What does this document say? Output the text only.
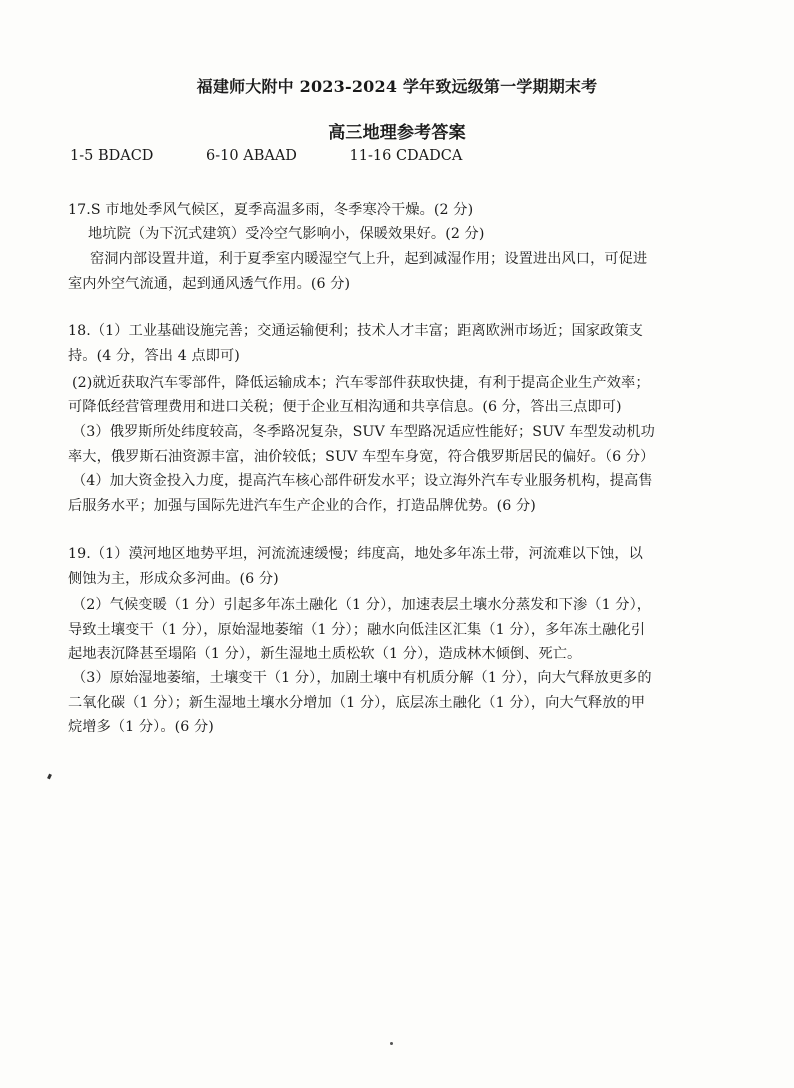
福建师大附中 2023-2024 学年致远级第一学期期末考
高三地理参考答案
1-5 BDACD	6-10 ABAAD	11-16 CDADCA
17.S 市地处季风气候区，夏季高温多雨，冬季寒冷干燥。(2 分)
地坑院（为下沉式建筑）受冷空气影响小，保暖效果好。(2 分)
窑洞内部设置井道，利于夏季室内暖湿空气上升，起到减湿作用；设置进出风口，可促进
室内外空气流通，起到通风透气作用。(6 分)
18.（1）工业基础设施完善；交通运输便利；技术人才丰富；距离欧洲市场近；国家政策支
持。(4 分，答出 4 点即可)
(2)就近获取汽车零部件，降低运输成本；汽车零部件获取快捷，有利于提高企业生产效率；
可降低经营管理费用和进口关税；便于企业互相沟通和共享信息。(6 分，答出三点即可)
（3）俄罗斯所处纬度较高，冬季路况复杂，SUV 车型路况适应性能好；SUV 车型发动机功
率大，俄罗斯石油资源丰富，油价较低；SUV 车型车身宽，符合俄罗斯居民的偏好。（6 分）
（4）加大资金投入力度，提高汽车核心部件研发水平；设立海外汽车专业服务机构，提高售
后服务水平；加强与国际先进汽车生产企业的合作，打造品牌优势。(6 分)
19.（1）漠河地区地势平坦，河流流速缓慢；纬度高，地处多年冻土带，河流难以下蚀，以
侧蚀为主，形成众多河曲。(6 分)
（2）气候变暖（1 分）引起多年冻土融化（1 分），加速表层土壤水分蒸发和下渗（1 分），
导致土壤变干（1 分），原始湿地萎缩（1 分）；融水向低洼区汇集（1 分），多年冻土融化引
起地表沉降甚至塌陷（1 分），新生湿地土质松软（1 分），造成林木倾倒、死亡。
（3）原始湿地萎缩，土壤变干（1 分），加剧土壤中有机质分解（1 分），向大气释放更多的
二氧化碳（1 分）；新生湿地土壤水分增加（1 分），底层冻土融化（1 分），向大气释放的甲
烷增多（1 分）。(6 分)
